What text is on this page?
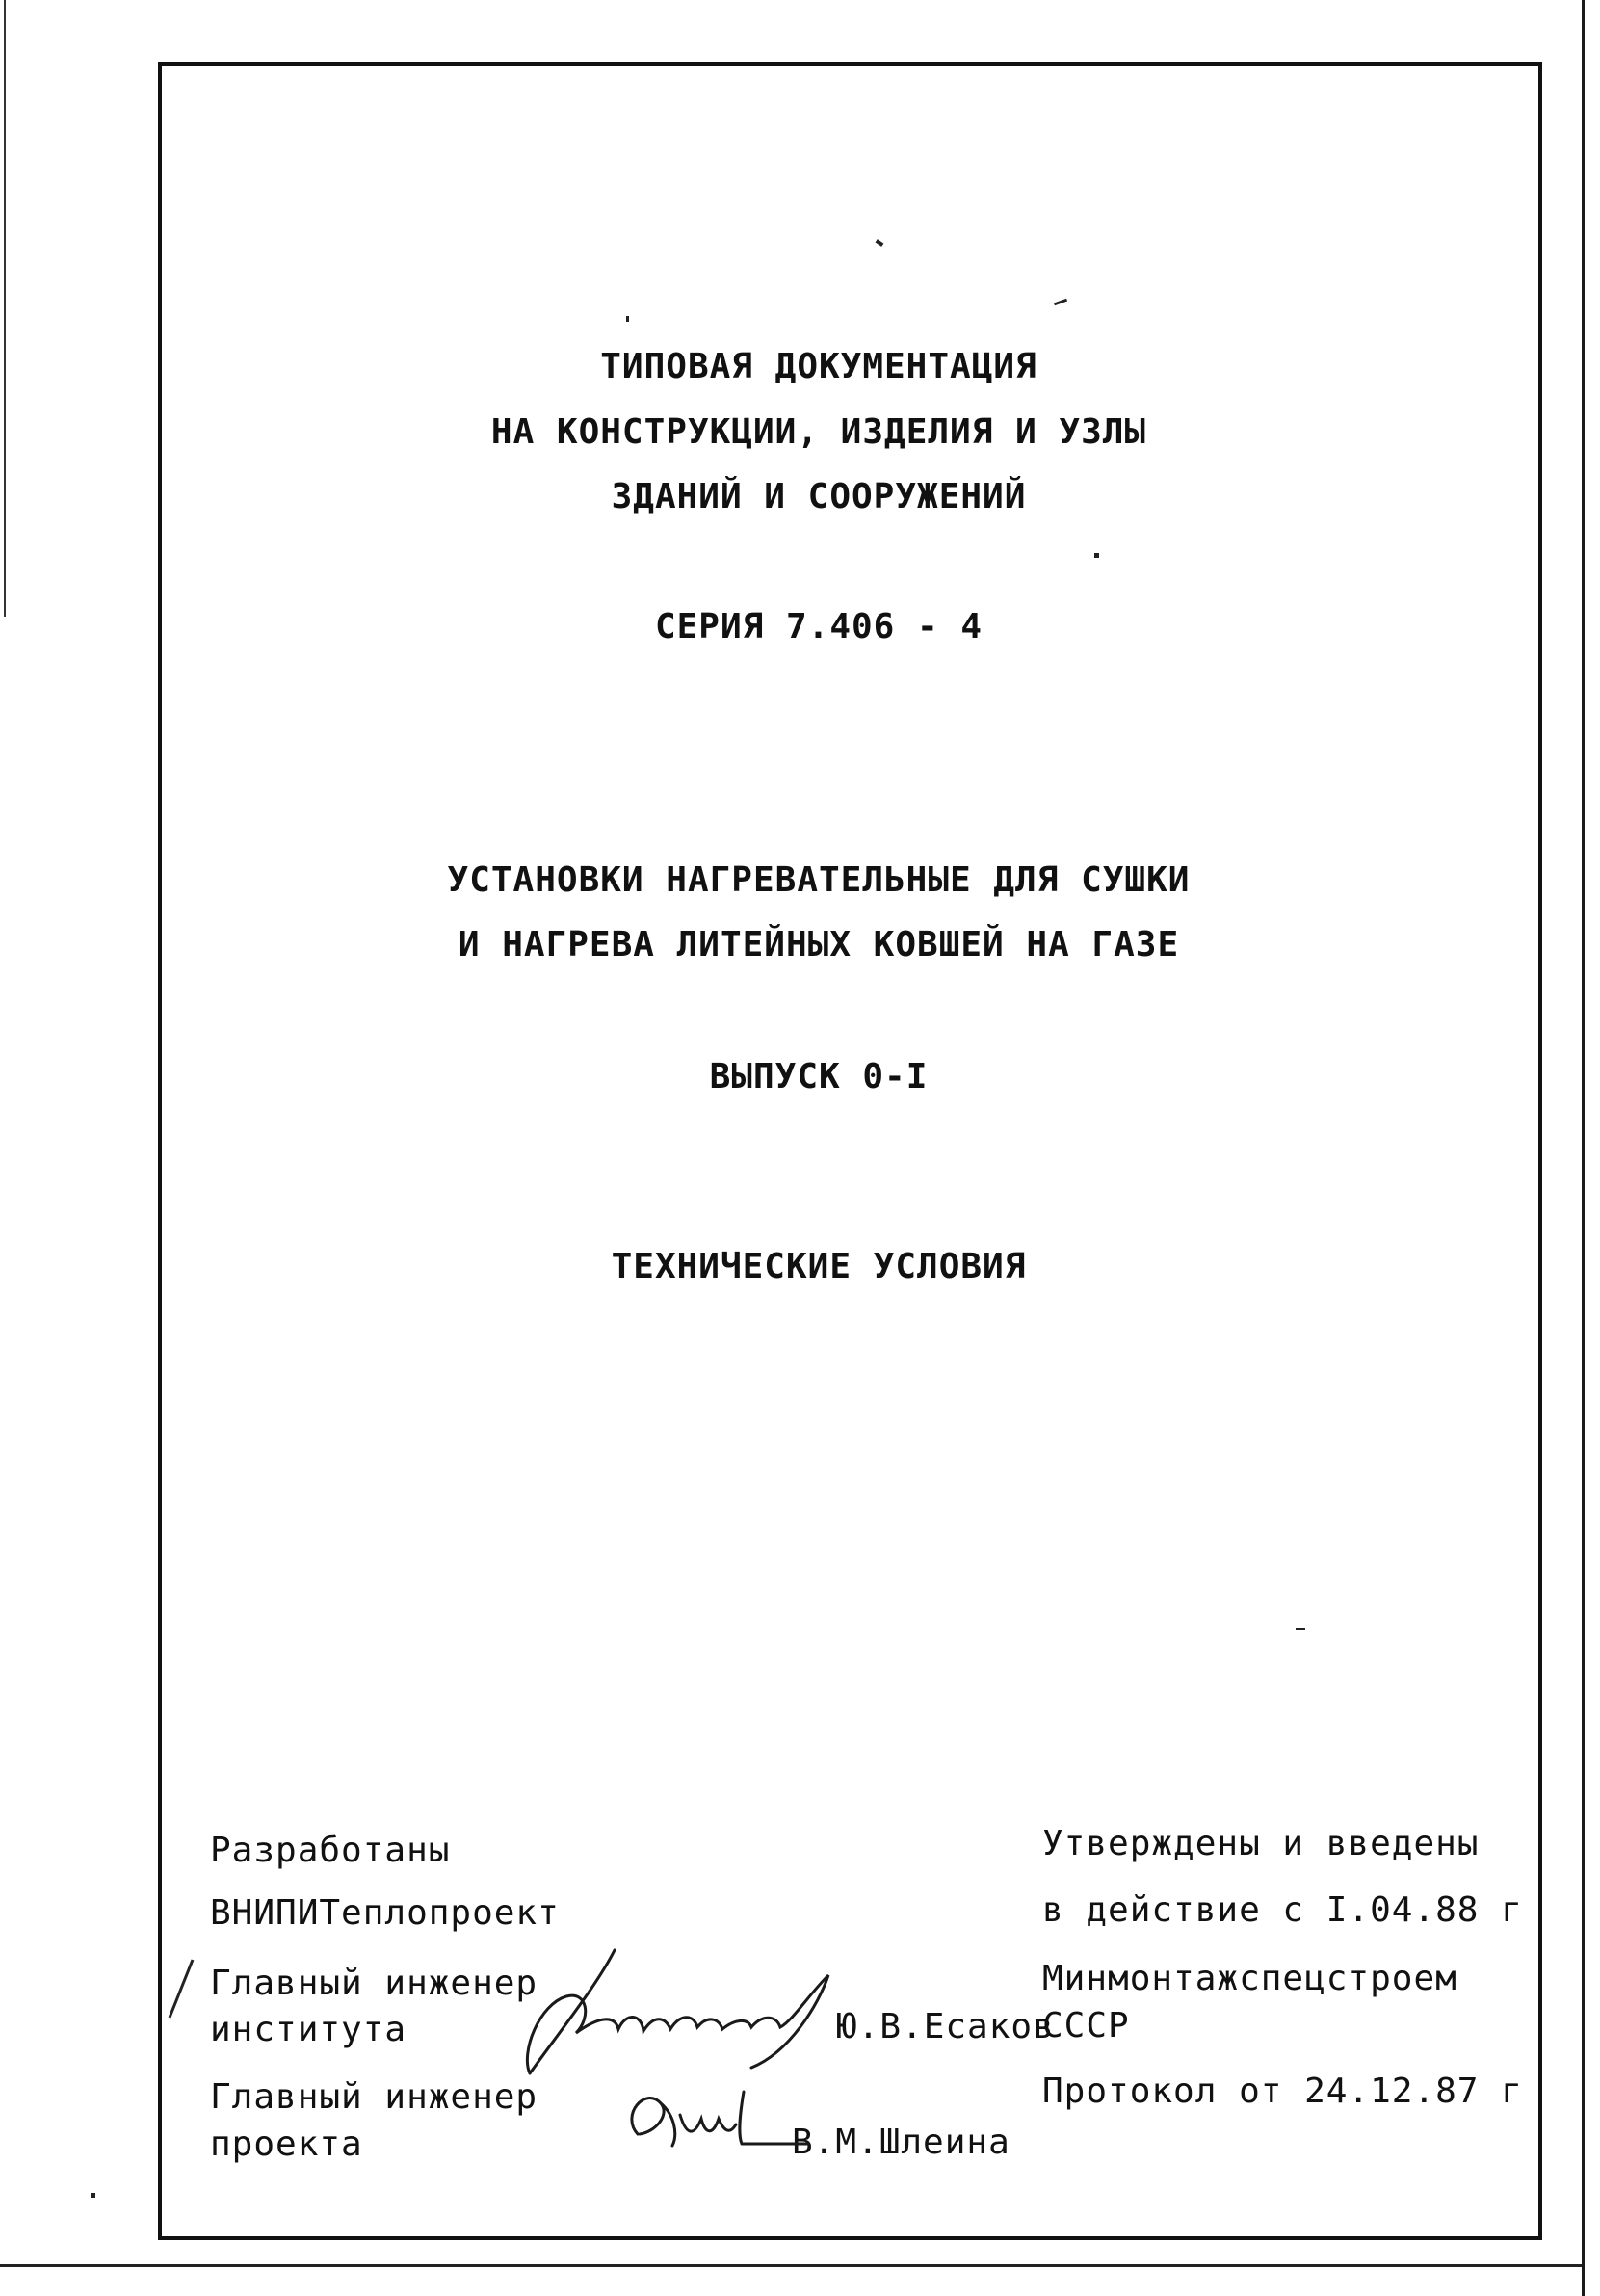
ТИПОВАЯ ДОКУМЕНТАЦИЯ
НА КОНСТРУКЦИИ, ИЗДЕЛИЯ И УЗЛЫ
ЗДАНИЙ И СООРУЖЕНИЙ
СЕРИЯ 7.406 - 4
УСТАНОВКИ НАГРЕВАТЕЛЬНЫЕ ДЛЯ СУШКИ
И НАГРЕВА ЛИТЕЙНЫХ КОВШЕЙ НА ГАЗЕ
ВЫПУСК 0-I
ТЕХНИЧЕСКИЕ УСЛОВИЯ
Разработаны
ВНИПИТеплопроект
Главный инженер
института	Ю.В.Есаков
Главный инженер
проекта	В.М.Шлеина
Утверждены и введены
в действие с I.04.88 г
Минмонтажспецстроем
СССР
Протокол от 24.12.87 г
